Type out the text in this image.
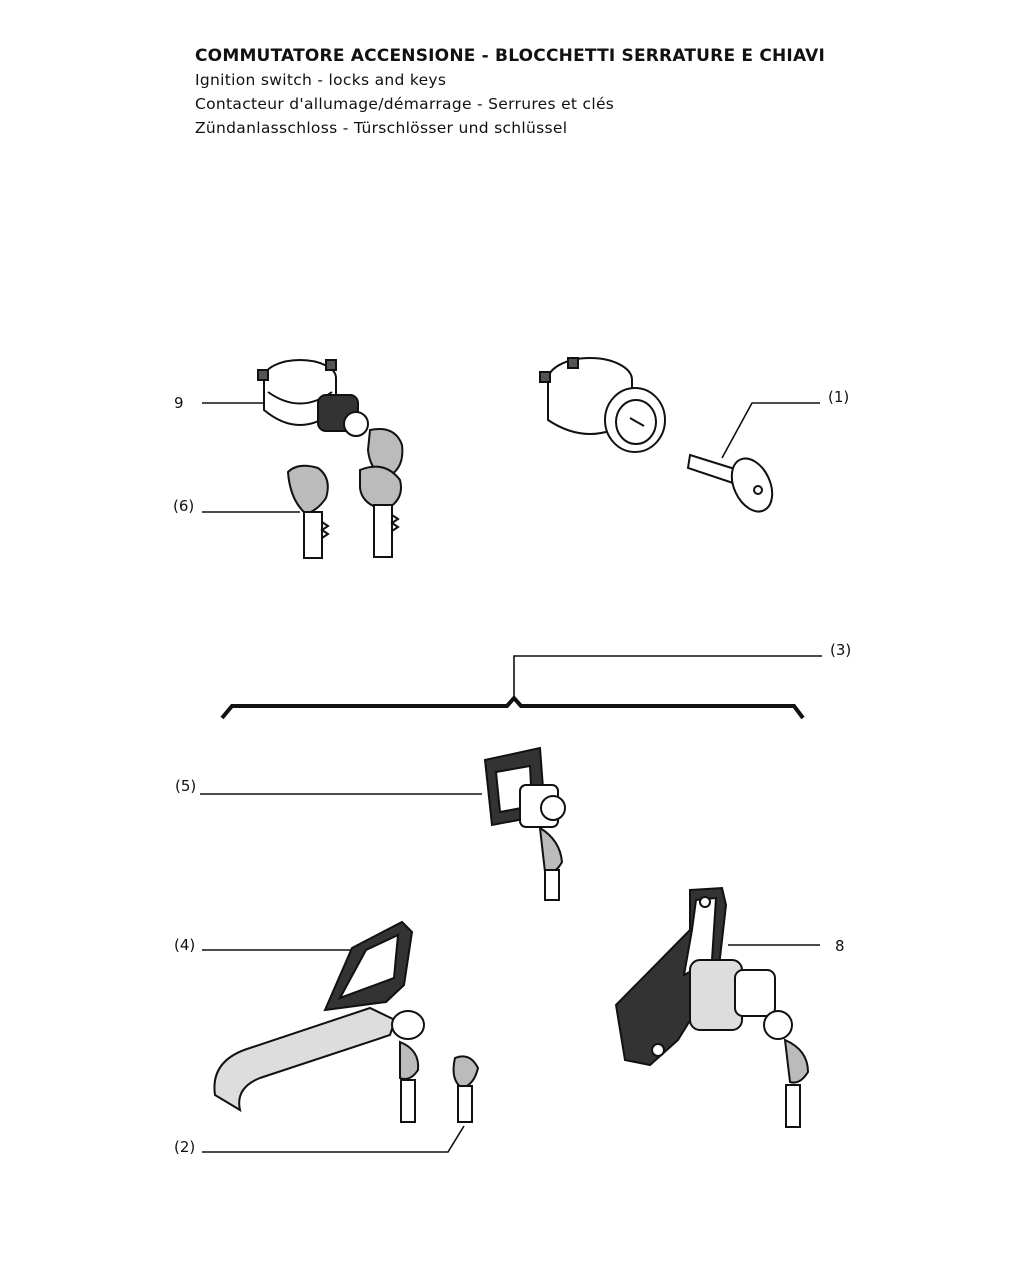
COMMUTATORE ACCENSIONE - BLOCCHETTI SERRATURE E CHIAVI
Ignition switch - locks and keys
Contacteur d'allumage/démarrage - Serrures et clés
Zündanlasschloss - Türschlösser und schlüssel
9	(1)
(6)
(3)
(5)
(4)	8
(2)
